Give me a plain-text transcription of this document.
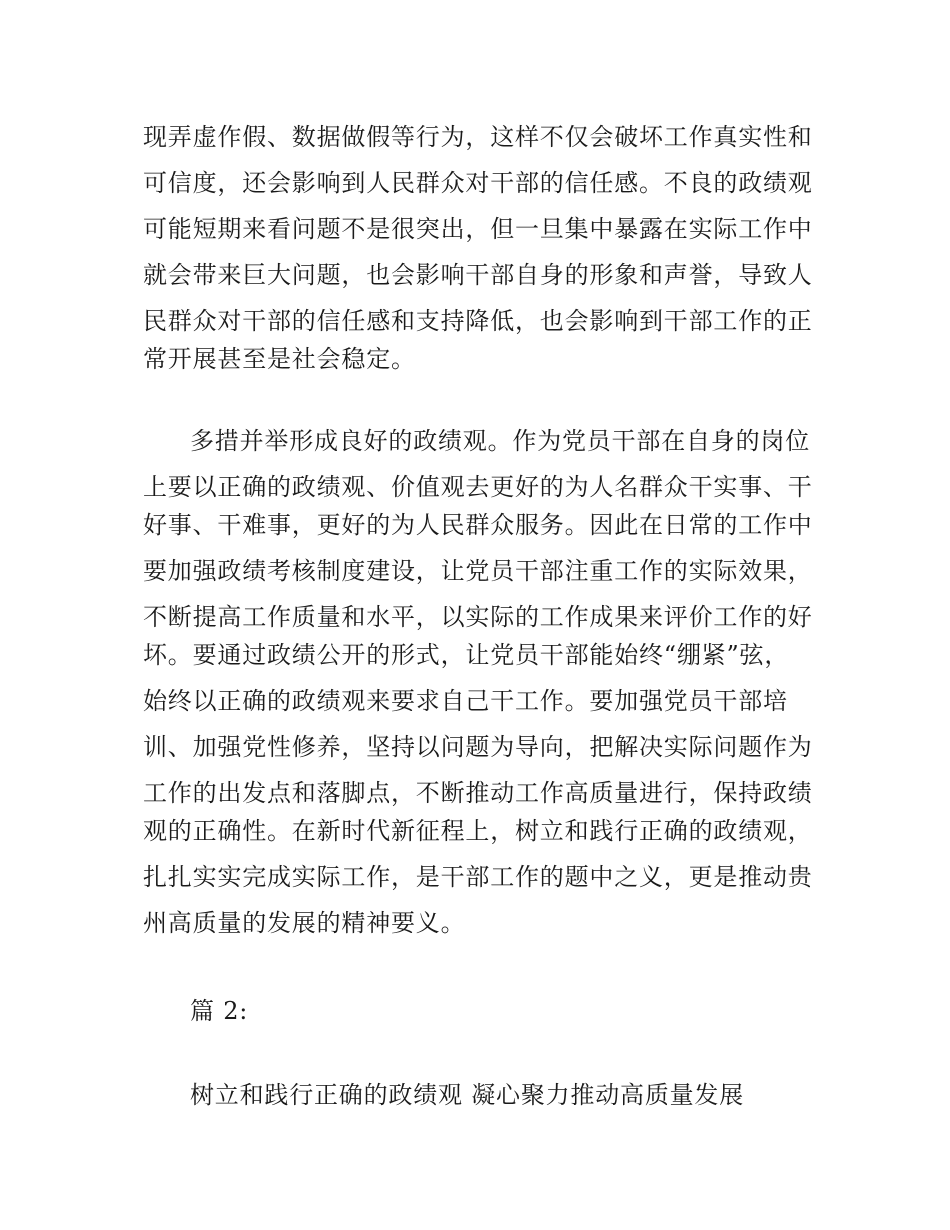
现弄虚作假、数据做假等行为，这样不仅会破坏工作真实性和

可信度，还会影响到人民群众对干部的信任感。不良的政绩观

可能短期来看问题不是很突出，但一旦集中暴露在实际工作中

就会带来巨大问题，也会影响干部自身的形象和声誉，导致人

民群众对干部的信任感和支持降低，也会影响到干部工作的正

常开展甚至是社会稳定。

多措并举形成良好的政绩观。作为党员干部在自身的岗位

上要以正确的政绩观、价值观去更好的为人名群众干实事、干

好事、干难事，更好的为人民群众服务。因此在日常的工作中

要加强政绩考核制度建设，让党员干部注重工作的实际效果，

不断提高工作质量和水平，以实际的工作成果来评价工作的好

坏。要通过政绩公开的形式，让党员干部能始终“绷紧”弦，

始终以正确的政绩观来要求自己干工作。要加强党员干部培

训、加强党性修养，坚持以问题为导向，把解决实际问题作为

工作的出发点和落脚点，不断推动工作高质量进行，保持政绩

观的正确性。在新时代新征程上，树立和践行正确的政绩观，

扎扎实实完成实际工作，是干部工作的题中之义，更是推动贵

州高质量的发展的精神要义。

篇 2:

树立和践行正确的政绩观 凝心聚力推动高质量发展
